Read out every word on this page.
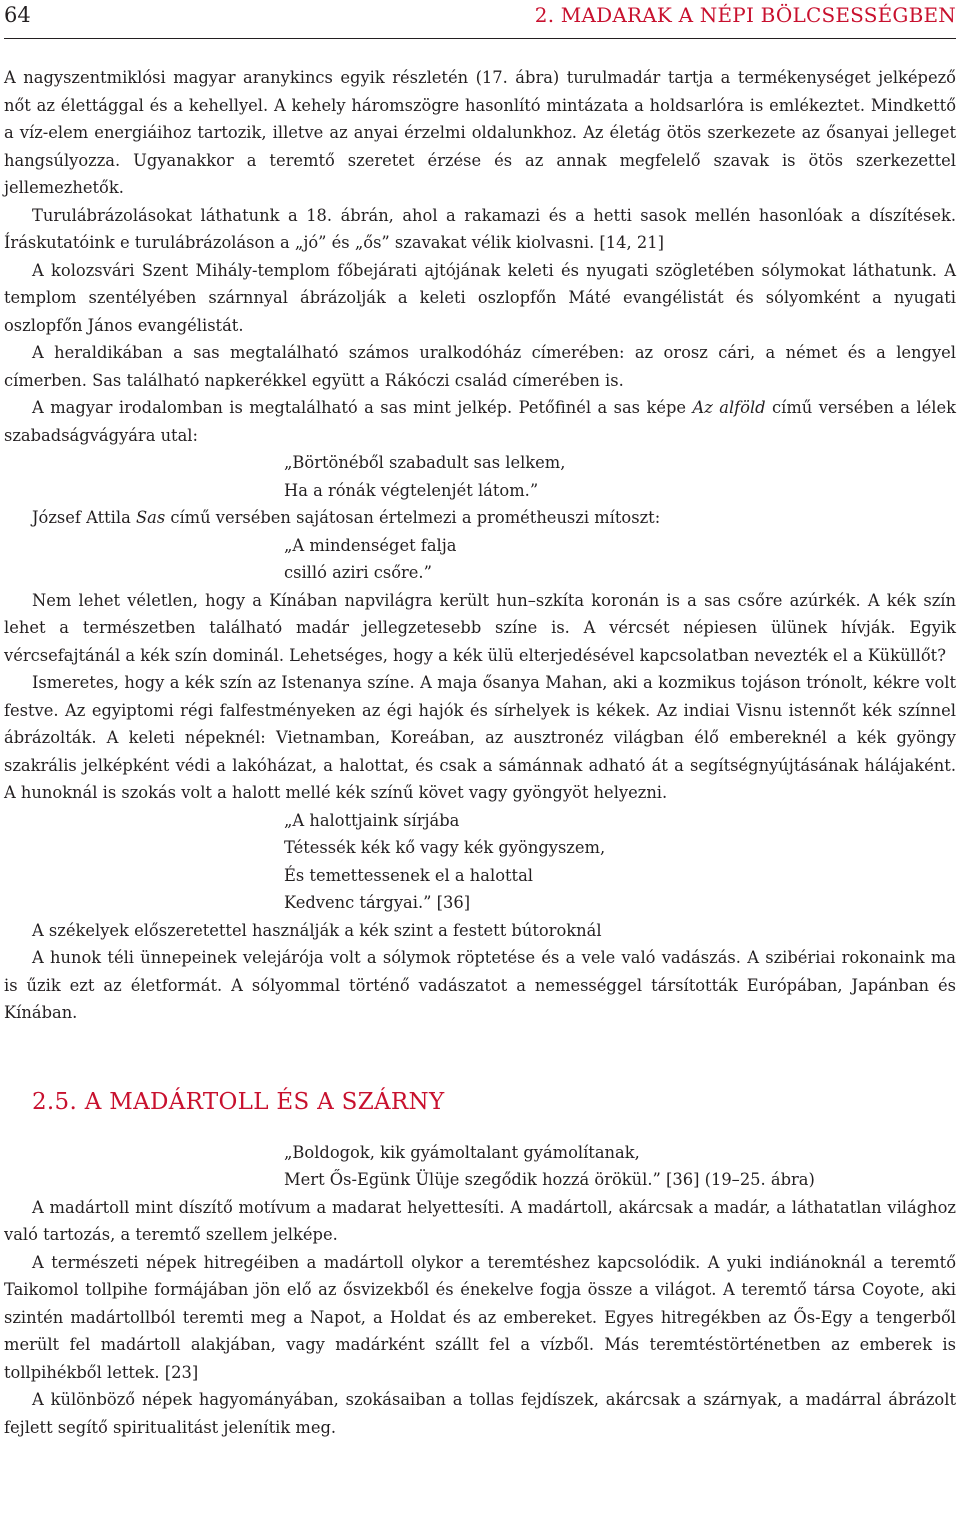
64	2. MADARAK A NÉPI BÖLCSESSÉGBEN

A nagyszentmiklósi magyar aranykincs egyik részletén (17. ábra) turulmadár tartja a termékenységet jelképező nőt az élettággal és a kehellyel. A kehely háromszögre hasonlító mintázata a holdsarlóra is emlékeztet. Mindkettő a víz-elem energiáihoz tartozik, illetve az anyai érzelmi oldalunkhoz. Az életág ötös szerkezete az ősanyai jelleget hangsúlyozza. Ugyanakkor a teremtő szeretet érzése és az annak megfelelő szavak is ötös szerkezettel jellemezhetők.

Turulábrázolásokat láthatunk a 18. ábrán, ahol a rakamazi és a hetti sasok mellén hasonlóak a díszítések. Íráskutatóink e turulábrázoláson a „jó” és „ős” szavakat vélik kiolvasni. [14, 21]

A kolozsvári Szent Mihály-templom főbejárati ajtójának keleti és nyugati szögletében sólymokat láthatunk. A templom szentélyében szárnnyal ábrázolják a keleti oszlopfőn Máté evangélistát és sólyomként a nyugati oszlopfőn János evangélistát.

A heraldikában a sas megtalálható számos uralkodóház címerében: az orosz cári, a német és a lengyel címerben. Sas található napkerékkel együtt a Rákóczi család címerében is.

A magyar irodalomban is megtalálható a sas mint jelkép. Petőfinél a sas képe Az alföld című versében a lélek szabadságvágyára utal:

„Börtönéből szabadult sas lelkem,

Ha a rónák végtelenjét látom.”

József Attila Sas című versében sajátosan értelmezi a prométheuszi mítoszt:

„A mindenséget falja

csilló aziri csőre.”

Nem lehet véletlen, hogy a Kínában napvilágra került hun–szkíta koronán is a sas csőre azúrkék. A kék szín lehet a természetben található madár jellegzetesebb színe is. A vércsét népiesen ülünek hívják. Egyik vércsefajtánál a kék szín dominál. Lehetséges, hogy a kék ülü elterjedésével kapcsolatban nevezték el a Küküllőt?

Ismeretes, hogy a kék szín az Istenanya színe. A maja ősanya Mahan, aki a kozmikus tojáson trónolt, kékre volt festve. Az egyiptomi régi falfestményeken az égi hajók és sírhelyek is kékek. Az indiai Visnu istennőt kék színnel ábrázolták. A keleti népeknél: Vietnamban, Koreában, az ausztronéz világban élő embereknél a kék gyöngy szakrális jelképként védi a lakóházat, a halottat, és csak a sámánnak adható át a segítségnyújtásának hálájaként. A hunoknál is szokás volt a halott mellé kék színű követ vagy gyöngyöt helyezni.

„A halottjaink sírjába

Tétessék kék kő vagy kék gyöngyszem,

És temettessenek el a halottal

Kedvenc tárgyai.” [36]

A székelyek előszeretettel használják a kék szint a festett bútoroknál

A hunok téli ünnepeinek velejárója volt a sólymok röptetése és a vele való vadászás. A szibériai rokonaink ma is űzik ezt az életformát. A sólyommal történő vadászatot a nemességgel társították Európában, Japánban és Kínában.

2.5. A MADÁRTOLL ÉS A SZÁRNY

„Boldogok, kik gyámoltalant gyámolítanak,

Mert Ős-Egünk Ülüje szegődik hozzá örökül.” [36] (19–25. ábra)

A madártoll mint díszítő motívum a madarat helyettesíti. A madártoll, akárcsak a madár, a láthatatlan világhoz való tartozás, a teremtő szellem jelképe.

A természeti népek hitregéiben a madártoll olykor a teremtéshez kapcsolódik. A yuki indiánoknál a teremtő Taikomol tollpihe formájában jön elő az ősvizekből és énekelve fogja össze a világot. A teremtő társa Coyote, aki szintén madártollból teremti meg a Napot, a Holdat és az embereket. Egyes hitregékben az Ős-Egy a tengerből merült fel madártoll alakjában, vagy madárként szállt fel a vízből. Más teremtéstörténetben az emberek is tollpihékből lettek. [23]

A különböző népek hagyományában, szokásaiban a tollas fejdíszek, akárcsak a szárnyak, a madárral ábrázolt fejlett segítő spiritualitást jelenítik meg.
